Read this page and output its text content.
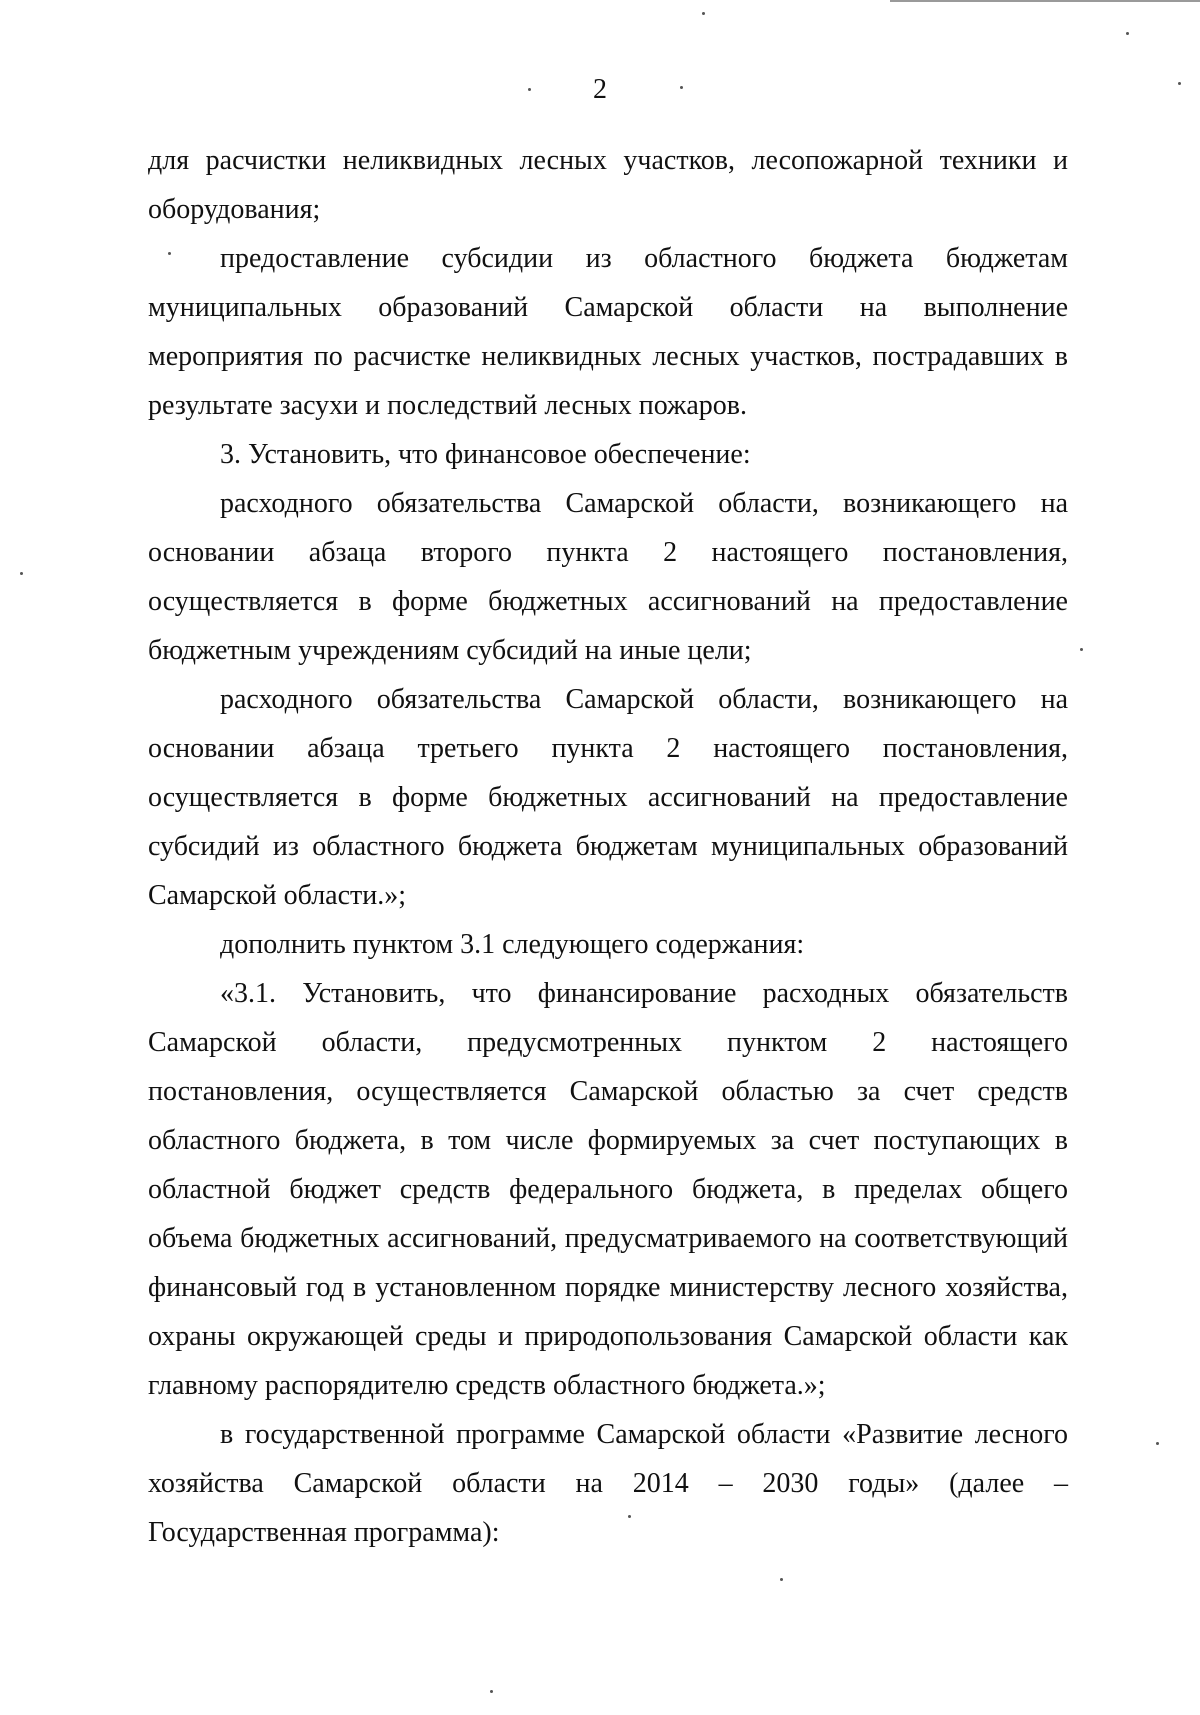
2

для расчистки неликвидных лесных участков, лесопожарной техники и оборудования;

предоставление субсидии из областного бюджета бюджетам муниципальных образований Самарской области на выполнение мероприятия по расчистке неликвидных лесных участков, пострадавших в результате засухи и последствий лесных пожаров.

3. Установить, что финансовое обеспечение:

расходного обязательства Самарской области, возникающего на основании абзаца второго пункта 2 настоящего постановления, осуществляется в форме бюджетных ассигнований на предоставление бюджетным учреждениям субсидий на иные цели;

расходного обязательства Самарской области, возникающего на основании абзаца третьего пункта 2 настоящего постановления, осуществляется в форме бюджетных ассигнований на предоставление субсидий из областного бюджета бюджетам муниципальных образований Самарской области.»;

дополнить пунктом 3.1 следующего содержания:

«3.1. Установить, что финансирование расходных обязательств Самарской области, предусмотренных пунктом 2 настоящего постановления, осуществляется Самарской областью за счет средств областного бюджета, в том числе формируемых за счет поступающих в областной бюджет средств федерального бюджета, в пределах общего объема бюджетных ассигнований, предусматриваемого на соответствующий финансовый год в установленном порядке министерству лесного хозяйства, охраны окружающей среды и природопользования Самарской области как главному распорядителю средств областного бюджета.»;

в государственной программе Самарской области «Развитие лесного хозяйства Самарской области на 2014 – 2030 годы» (далее – Государственная программа):
